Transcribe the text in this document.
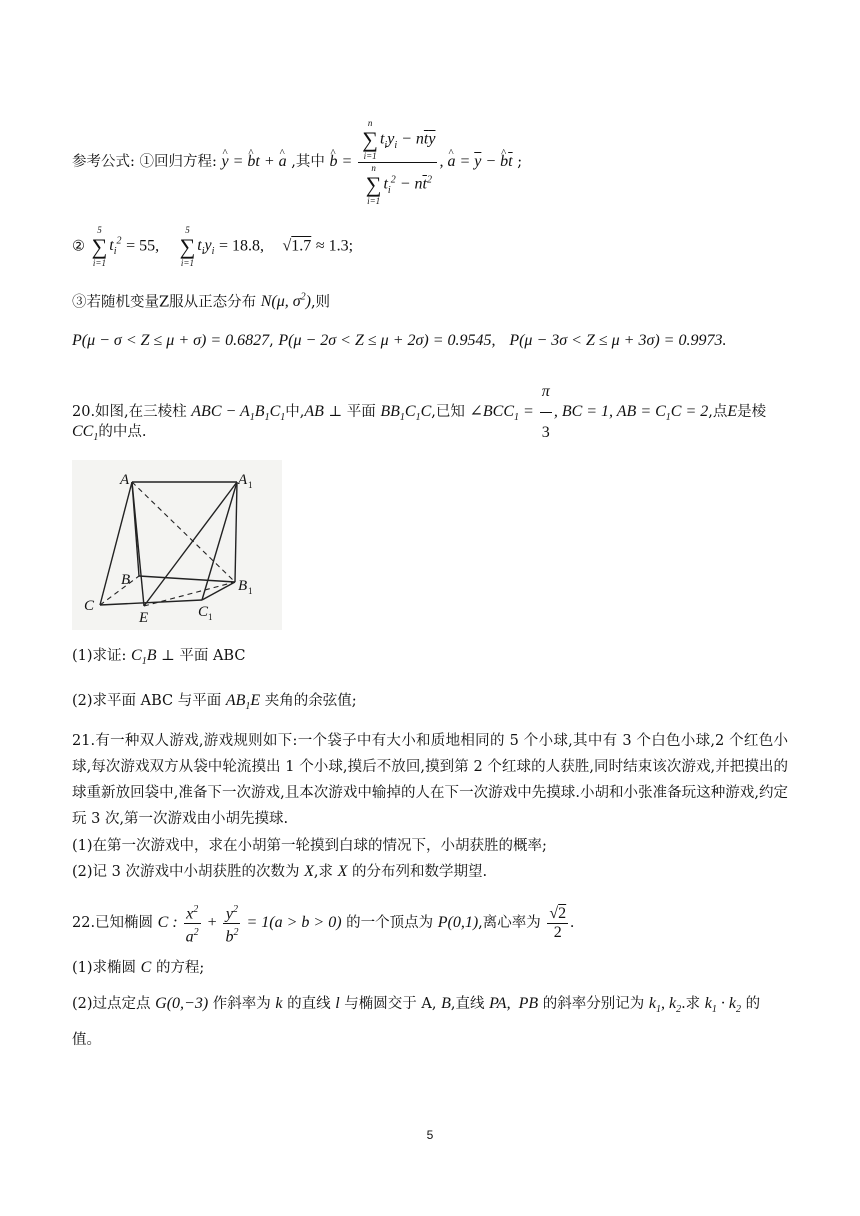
参考公式: ①回归方程: ^ y = ^ bt + ^ a ,其中 ^ b = n
∑
i=1
$t_iy_i - n\overline{t}\overline{y}$
n
∑
i=1
$t_i^2 - n\overline{t}^2$ , ^ $a = \overline{y}$ − ^ $b\overline{t}$ ;
②
5
∑
i=1
$t_i^2 = 55$,
5
∑
i=1
$t_iy_i = 18.8$, √1.7 ≈ 1.3;
③若随机变量Z服从正态分布 N(μ, $\sigma^2$),则
P(μ − σ < Z ≤ μ + σ) = 0.6827, P(μ − 2σ < Z ≤ μ + 2σ) = 0.9545, P(μ − 3σ < Z ≤ μ + 3σ) = 0.9973.
20.如图,在三棱柱 ABC − $A_1B_1C_1$中,AB ⊥ 平面 $BB_1C_1C$,已知 $\angle BCC_1 = \frac{\pi}{3}$ , BC = 1, AB = $C_1C = 2$,点E是棱
$CC_1$的中点.
A	A 1
B	B 1
C
E	C 1
(1)求证: $C_1B$ ⊥ 平面 ABC
(2)求平面 ABC 与平面 $AB_1E$ 夹角的余弦值;
21.有一种双人游戏,游戏规则如下:一个袋子中有大小和质地相同的 5 个小球,其中有 3 个白色小球,2 个红色小球,每次游戏双方从袋中轮流摸出 1 个小球,摸后不放回,摸到第 2 个红球的人获胜,同时结束该次游戏,并把摸出的球重新放回袋中,准备下一次游戏,且本次游戏中输掉的人在下一次游戏中先摸球.小胡和小张准备玩这种游戏,约定玩 3 次,第一次游戏由小胡先摸球.
(1)在第一次游戏中，求在小胡第一轮摸到白球的情况下，小胡获胜的概率;
(2)记 3 次游戏中小胡获胜的次数为 X,求 X 的分布列和数学期望.
22.已知椭圆 C : $\frac{x^2}{a^2} + \frac{y^2}{b^2} = 1(a > b > 0)$ 的一个顶点为 P(0,1),离心率为 $\frac{√2}{2}$ .
(1)求椭圆 C 的方程;
(2)过点定点 G(0,−3) 作斜率为 k 的直线 l 与椭圆交于 A, B,直线 PA,  PB 的斜率分别记为 $k_1$, $k_2$.求 $k_1 \cdot k_2$ 的
值。
5
